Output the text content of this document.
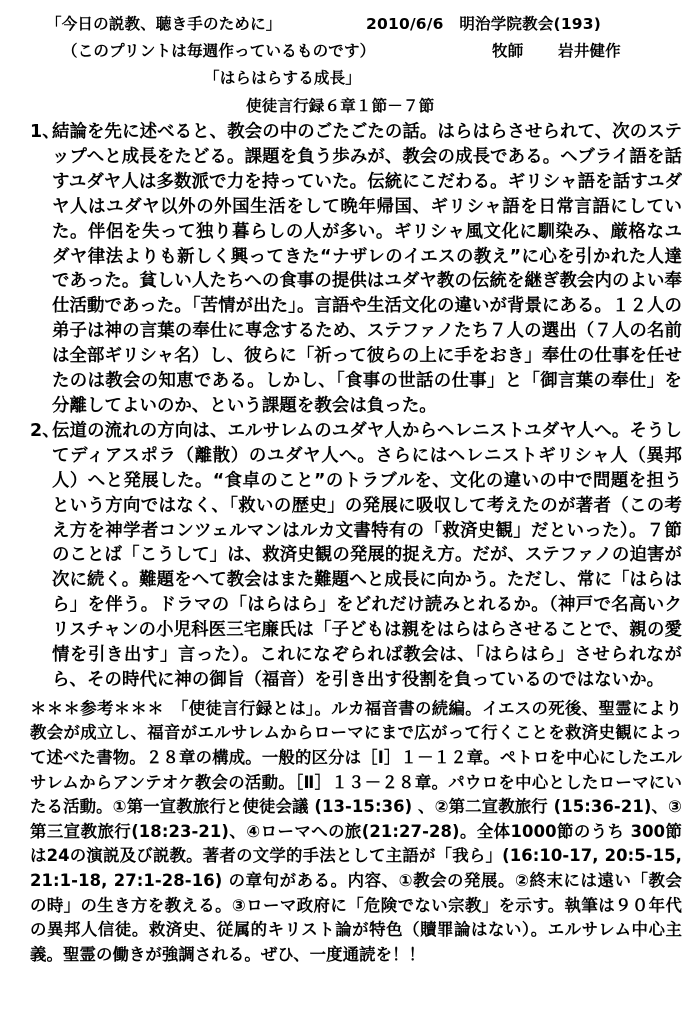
「今日の説教、聴き手のために」	2010/6/6　明治学院教会(193)
（このプリントは毎週作っているものです）	牧師 岩井健作
「はらはらする成長」
使徒言行録６章１節－７節
1、
結論を先に述べると、教会の中のごたごたの話。はらはらさせられて、次のステップへと成長をたどる。課題を負う歩みが、教会の成長である。ヘブライ語を話すユダヤ人は多数派で力を持っていた。伝統にこだわる。ギリシャ語を話すユダヤ人はユダヤ以外の外国生活をして晩年帰国、ギリシャ語を日常言語にしていた。伴侶を失って独り暮らしの人が多い。ギリシャ風文化に馴染み、厳格なユダヤ律法よりも新しく興ってきた“ナザレのイエスの教え”に心を引かれた人達であった。貧しい人たちへの食事の提供はユダヤ教の伝統を継ぎ教会内のよい奉仕活動であった。「苦情が出た」。言語や生活文化の違いが背景にある。１２人の弟子は神の言葉の奉仕に専念するため、ステファノたち７人の選出（７人の名前は全部ギリシャ名）し、彼らに「祈って彼らの上に手をおき」奉仕の仕事を任せたのは教会の知恵である。しかし、「食事の世話の仕事」と「御言葉の奉仕」を分離してよいのか、という課題を教会は負った。
2、
伝道の流れの方向は、エルサレムのユダヤ人からヘレニストユダヤ人へ。そうしてディアスポラ（離散）のユダヤ人へ。さらにはヘレニストギリシャ人（異邦人）へと発展した。“食卓のこと”のトラブルを、文化の違いの中で問題を担うという方向ではなく、「救いの歴史」の発展に吸収して考えたのが著者（この考え方を神学者コンツェルマンはルカ文書特有の「救済史観」だといった）。７節のことば「こうして」は、救済史観の発展的捉え方。だが、ステファノの迫害が次に続く。難題をへて教会はまた難題へと成長に向かう。ただし、常に「はらはら」を伴う。ドラマの「はらはら」をどれだけ読みとれるか。（神戸で名高いクリスチャンの小児科医三宅廉氏は「子どもは親をはらはらさせることで、親の愛情を引き出す」言った）。これになぞられば教会は、「はらはら」させられながら、その時代に神の御旨（福音）を引き出す役割を負っているのではないか。
＊＊＊参考＊＊＊ 「使徒言行録とは」。ルカ福音書の続編。イエスの死後、聖霊により教会が成立し、福音がエルサレムからローマにまで広がって行くことを救済史観によって述べた書物。２８章の構成。一般的区分は［Ⅰ］１－１２章。ペトロを中心にしたエルサレムからアンテオケ教会の活動。［Ⅱ］１３－２８章。パウロを中心としたローマにいたる活動。①第一宣教旅行と使徒会議 (13-15:36) 、②第二宣教旅行 (15:36-21)、③第三宣教旅行(18:23-21)、④ローマへの旅(21:27-28)。全体1000節のうち 300節は24の演説及び説教。著者の文学的手法として主語が「我ら」(16:10-17, 20:5-15, 21:1-18, 27:1-28-16) の章句がある。内容、①教会の発展。②終末には遠い「教会の時」の生き方を教える。③ローマ政府に「危険でない宗教」を示す。執筆は９０年代の異邦人信徒。救済史、従属的キリスト論が特色（贖罪論はない）。エルサレム中心主義。聖霊の働きが強調される。ぜひ、一度通読を！！
